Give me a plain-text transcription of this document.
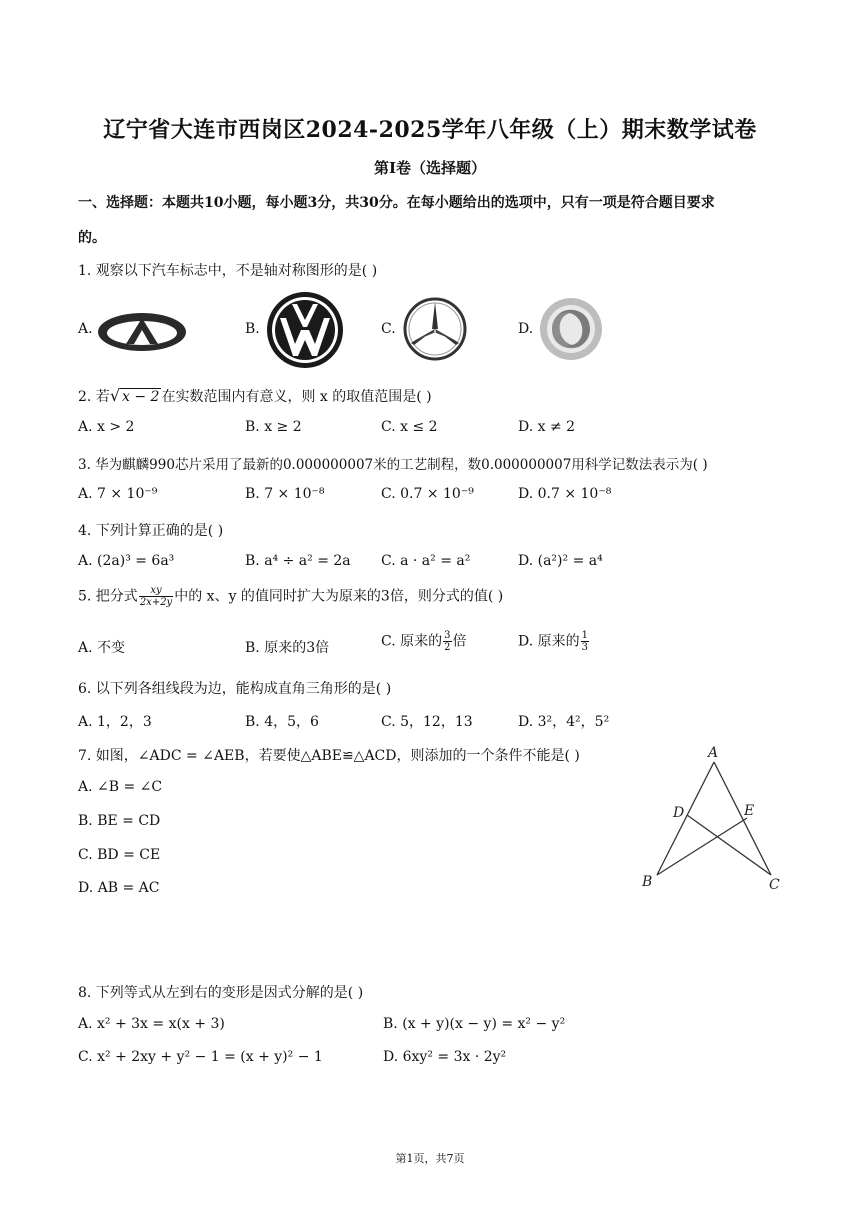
辽宁省大连市西岗区2024-2025学年八年级（上）期末数学试卷
第I卷（选择题）
一、选择题：本题共10小题，每小题3分，共30分。在每小题给出的选项中，只有一项是符合题目要求
的。
1. 观察以下汽车标志中，不是轴对称图形的是( )
A.	B.	C.	D.
2. 若√ x − 2 在实数范围内有意义，则 x 的取值范围是( )
A. x > 2	B. x ≥ 2	C. x ≤ 2	D. x ≠ 2
3. 华为麒麟990芯片采用了最新的0.000000007米的工艺制程，数0.000000007用科学记数法表示为( )
A. 7 × 10⁻⁹	B. 7 × 10⁻⁸	C. 0.7 × 10⁻⁹	D. 0.7 × 10⁻⁸
4. 下列计算正确的是( )
A. (2a)³ = 6a³	B. a⁴ ÷ a² = 2a C. a · a² = a²	D. (a²)² = a⁴
5. 把分式 $\frac{xy}{2x+2y}$ 中的 x、y 的值同时扩大为原来的3倍，则分式的值( )
A. 不变	B. 原来的3倍	C. 原来的 $\frac{3}{2}$ 倍	D. 原来的 $\frac{1}{3}$
6. 以下列各组线段为边，能构成直角三角形的是( )
A. 1，2，3	B. 4，5，6	C. 5，12，13	D. 3²，4²，5²
7. 如图，∠ADC = ∠AEB，若要使△ABE≌△ACD，则添加的一个条件不能是( )
A. ∠B = ∠C
B. BE = CD
C. BD = CE
D. AB = AC
A
B	C
D	E
8. 下列等式从左到右的变形是因式分解的是( )
A. x² + 3x = x(x + 3)	B. (x + y)(x − y) = x² − y²
C. x² + 2xy + y² − 1 = (x + y)² − 1	D. 6xy² = 3x · 2y²
第1页，共7页
